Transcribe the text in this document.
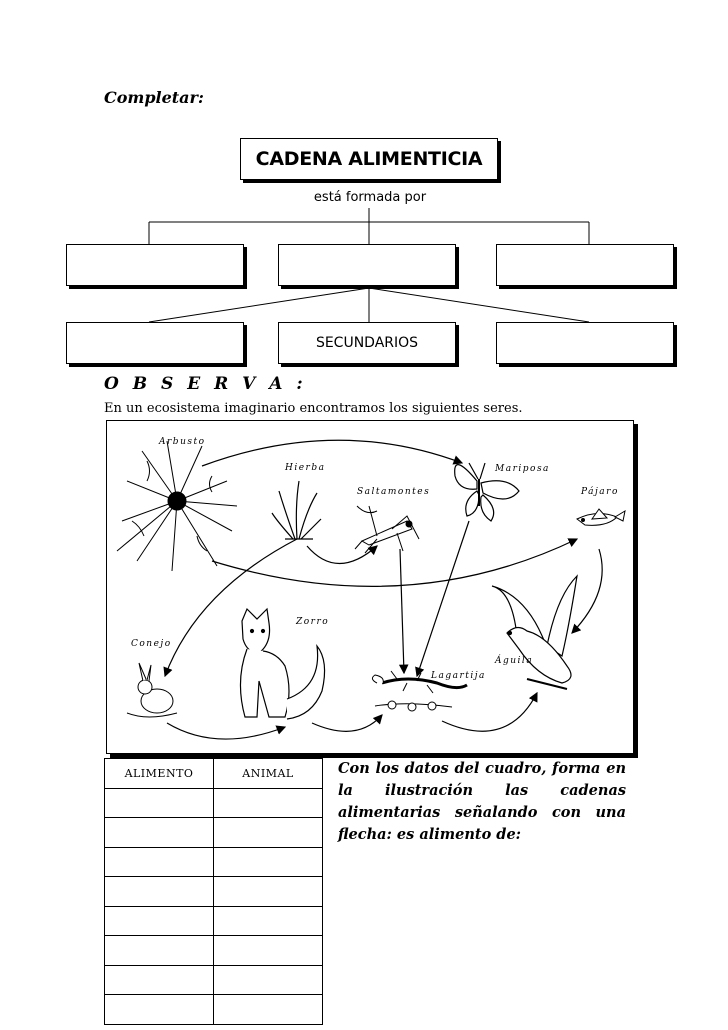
Completar:
CADENA ALIMENTICIA
está formada por
SECUNDARIOS
O B S E R V A :
En un ecosistema imaginario encontramos los siguientes seres.
Arbusto
Hierba	Mariposa
Saltamontes	Pájaro
Zorro
Conejo
Águila
Lagartija
ALIMENTO	ANIMAL

		Con los datos del cuadro, forma en la ilustración las cadenas alimentarias señalando con una flecha: es alimento de:
